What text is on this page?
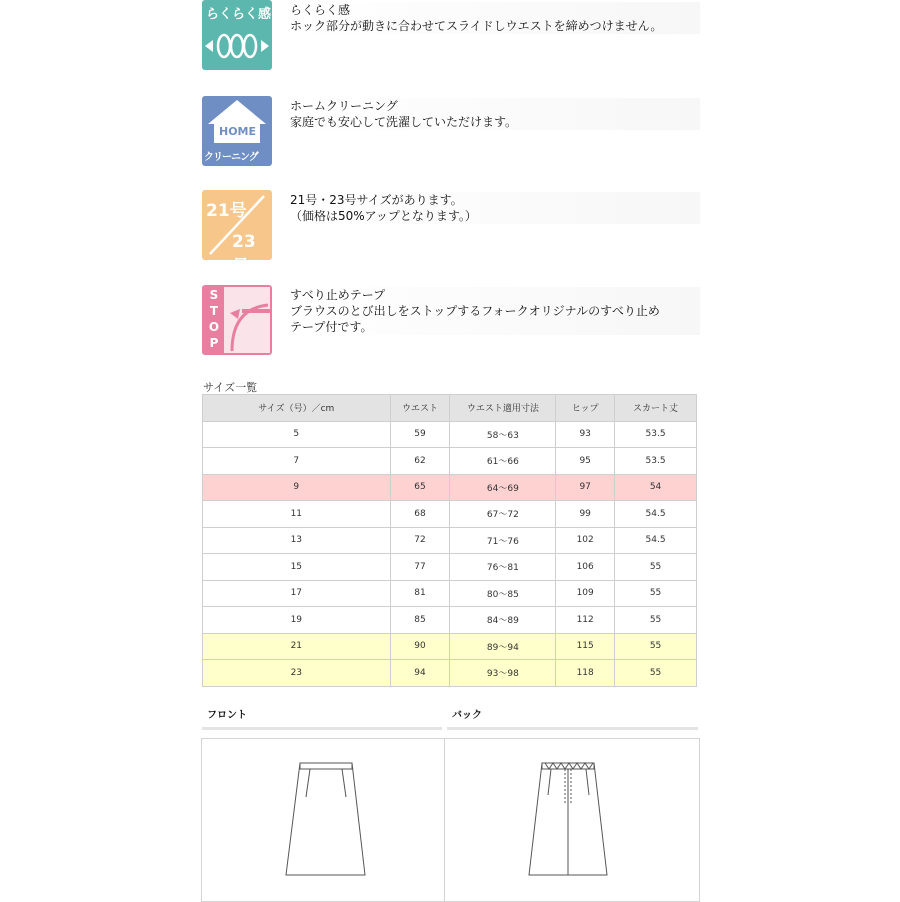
らくらく感 らくらく感
ホック部分が動きに合わせてスライドしウエストを締めつけません。
HOME
クリーニング
ホームクリーニング
家庭でも安心して洗濯していただけます。
21号
23号
21号・23号サイズがあります。
（価格は50%アップとなります。）
STOP
すべり止めテープ
ブラウスのとび出しをストップするフォークオリジナルのすべり止め
テープ付です。
サイズ一覧
サイズ（号）／cm	ウエスト	ウエスト適用寸法	ヒップ	スカート丈
5	59	58～63	93	53.5
7	62	61～66	95	53.5
9	65	64～69	97	54
11	68	67～72	99	54.5
13	72	71～76	102	54.5
15	77	76～81	106	55
17	81	80～85	109	55
19	85	84～89	112	55
21	90	89～94	115	55
23	94	93～98	118	55
フロント	バック
